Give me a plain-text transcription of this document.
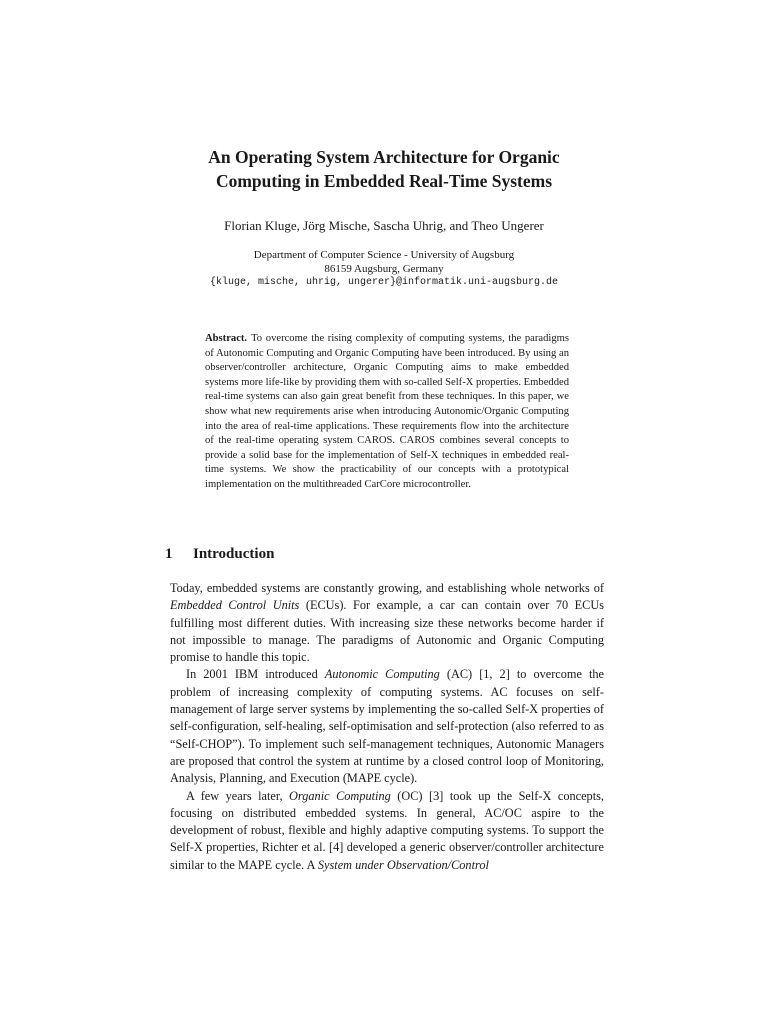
An Operating System Architecture for Organic
Computing in Embedded Real-Time Systems
Florian Kluge, Jörg Mische, Sascha Uhrig, and Theo Ungerer
Department of Computer Science - University of Augsburg
86159 Augsburg, Germany
{kluge, mische, uhrig, ungerer}@informatik.uni-augsburg.de

Abstract. To overcome the rising complexity of computing systems, the paradigms of Autonomic Computing and Organic Computing have been introduced. By using an observer/controller architecture, Organic Computing aims to make embedded systems more life-like by providing them with so-called Self-X properties. Embedded real-time systems can also gain great benefit from these techniques. In this paper, we show what new requirements arise when introducing Autonomic/Organic Computing into the area of real-time applications. These requirements flow into the architecture of the real-time operating system CAROS. CAROS combines several concepts to provide a solid base for the implementation of Self-X techniques in embedded real-time systems. We show the practicability of our concepts with a prototypical implementation on the multithreaded CarCore microcontroller.

1 Introduction

Today, embedded systems are constantly growing, and establishing whole networks of Embedded Control Units (ECUs). For example, a car can contain over 70 ECUs fulfilling most different duties. With increasing size these networks become harder if not impossible to manage. The paradigms of Autonomic and Organic Computing promise to handle this topic.

In 2001 IBM introduced Autonomic Computing (AC) [1, 2] to overcome the problem of increasing complexity of computing systems. AC focuses on self-management of large server systems by implementing the so-called Self-X properties of self-configuration, self-healing, self-optimisation and self-protection (also referred to as “Self-CHOP”). To implement such self-management techniques, Autonomic Managers are proposed that control the system at runtime by a closed control loop of Monitoring, Analysis, Planning, and Execution (MAPE cycle).

A few years later, Organic Computing (OC) [3] took up the Self-X concepts, focusing on distributed embedded systems. In general, AC/OC aspire to the development of robust, flexible and highly adaptive computing systems. To support the Self-X properties, Richter et al. [4] developed a generic observer/controller architecture similar to the MAPE cycle. A System under Observation/Control
